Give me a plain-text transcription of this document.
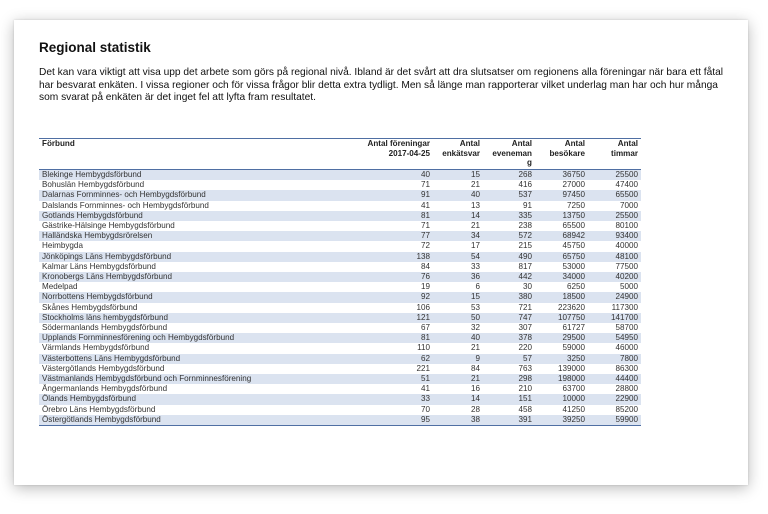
Regional statistik

Det kan vara viktigt att visa upp det arbete som görs på regional nivå. Ibland är det svårt att dra slutsatser om regionens alla föreningar när bara ett fåtal har besvarat enkäten. I vissa regioner och för vissa frågor blir detta extra tydligt. Men så länge man rapporterar vilket underlag man har och hur många som svarat på enkäten är det inget fel att lyfta fram resultatet.

Förbund	Antal föreningar 2017-04-25	Antal enkätsvar	Antal eveneman g	Antal besökare	Antal timmar
Blekinge Hembygdsförbund	40	15	268	36750	25500
Bohuslän Hembygdsförbund	71	21	416	27000	47400
Dalarnas Fornminnes- och Hembygdsförbund	91	40	537	97450	65500
Dalslands Fornminnes- och Hembygdsförbund	41	13	91	7250	7000
Gotlands Hembygdsförbund	81	14	335	13750	25500
Gästrike-Hälsinge Hembygdsförbund	71	21	238	65500	80100
Halländska Hembygdsrörelsen	77	34	572	68942	93400
Heimbygda	72	17	215	45750	40000
Jönköpings Läns Hembygdsförbund	138	54	490	65750	48100
Kalmar Läns Hembygdsförbund	84	33	817	53000	77500
Kronobergs Läns Hembygdsförbund	76	36	442	34000	40200
Medelpad	19	6	30	6250	5000
Norrbottens Hembygdsförbund	92	15	380	18500	24900
Skånes Hembygdsförbund	106	53	721	223620	117300
Stockholms läns hembygdsförbund	121	50	747	107750	141700
Södermanlands Hembygdsförbund	67	32	307	61727	58700
Upplands Fornminnesförening och Hembygdsförbund	81	40	378	29500	54950
Värmlands Hembygdsförbund	110	21	220	59000	46000
Västerbottens Läns Hembygdsförbund	62	9	57	3250	7800
Västergötlands Hembygdsförbund	221	84	763	139000	86300
Västmanlands Hembygdsförbund och Fornminnesförening	51	21	298	198000	44400
Ångermanlands Hembygdsförbund	41	16	210	63700	28800
Ölands Hembygdsförbund	33	14	151	10000	22900
Örebro Läns Hembygdsförbund	70	28	458	41250	85200
Östergötlands Hembygdsförbund	95	38	391	39250	59900
